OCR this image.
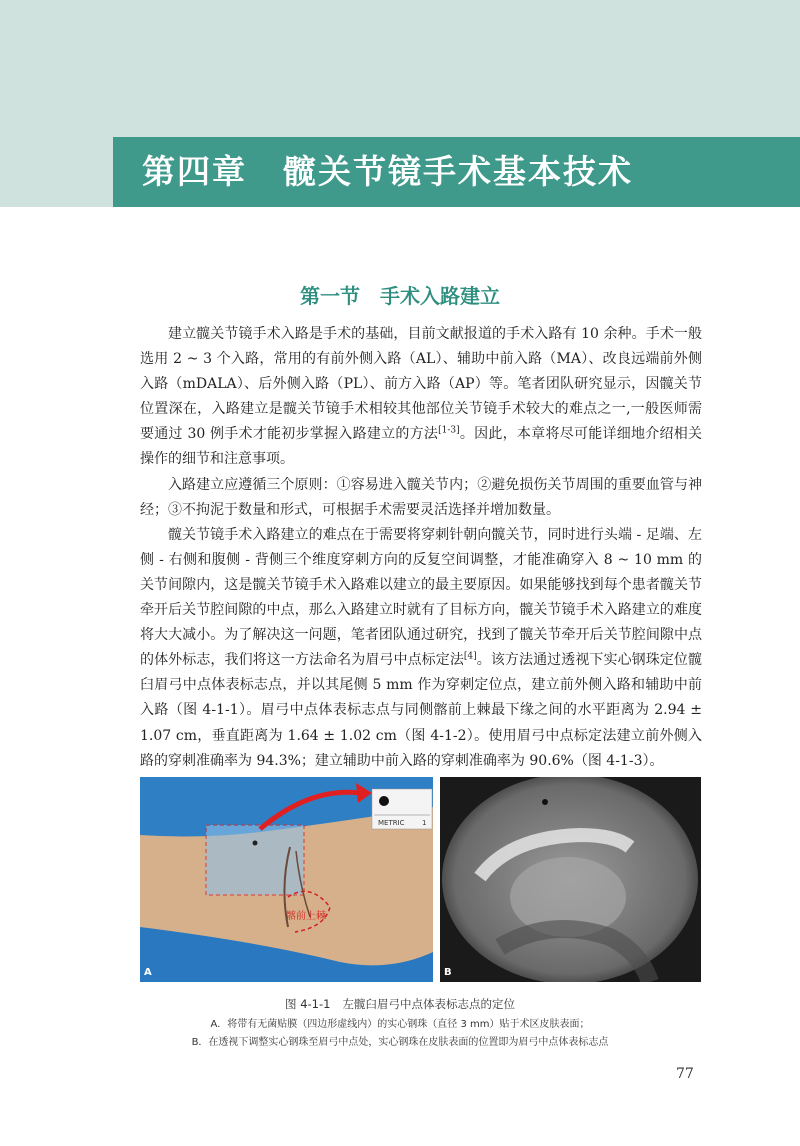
第四章 髋关节镜手术基本技术
第一节 手术入路建立

建立髋关节镜手术入路是手术的基础，目前文献报道的手术入路有 10 余种。手术一般选用 2 ~ 3 个入路，常用的有前外侧入路（AL）、辅助中前入路（MA）、改良远端前外侧入路（mDALA）、后外侧入路（PL）、前方入路（AP）等。笔者团队研究显示，因髋关节位置深在，入路建立是髋关节镜手术相较其他部位关节镜手术较大的难点之一,一般医师需要通过 30 例手术才能初步掌握入路建立的方法[1-3]。因此，本章将尽可能详细地介绍相关操作的细节和注意事项。

入路建立应遵循三个原则：①容易进入髋关节内；②避免损伤关节周围的重要血管与神经；③不拘泥于数量和形式，可根据手术需要灵活选择并增加数量。

髋关节镜手术入路建立的难点在于需要将穿刺针朝向髋关节，同时进行头端 - 足端、左侧 - 右侧和腹侧 - 背侧三个维度穿刺方向的反复空间调整，才能准确穿入 8 ~ 10 mm 的关节间隙内，这是髋关节镜手术入路难以建立的最主要原因。如果能够找到每个患者髋关节牵开后关节腔间隙的中点，那么入路建立时就有了目标方向，髋关节镜手术入路建立的难度将大大减小。为了解决这一问题，笔者团队通过研究，找到了髋关节牵开后关节腔间隙中点的体外标志，我们将这一方法命名为眉弓中点标定法[4]。该方法通过透视下实心钢珠定位髋臼眉弓中点体表标志点，并以其尾侧 5 mm 作为穿刺定位点，建立前外侧入路和辅助中前入路（图 4-1-1）。眉弓中点体表标志点与同侧髂前上棘最下缘之间的水平距离为 2.94 ± 1.07 cm，垂直距离为 1.64 ± 1.02 cm（图 4-1-2）。使用眉弓中点标定法建立前外侧入路的穿刺准确率为 94.3%；建立辅助中前入路的穿刺准确率为 90.6%（图 4-1-3）。

METRIC 1
髂前上棘
A	B
图 4-1-1 左髋臼眉弓中点体表标志点的定位
A．将带有无菌贴膜（四边形虚线内）的实心钢珠（直径 3 mm）贴于术区皮肤表面；
B．在透视下调整实心钢珠至眉弓中点处，实心钢珠在皮肤表面的位置即为眉弓中点体表标志点
77
